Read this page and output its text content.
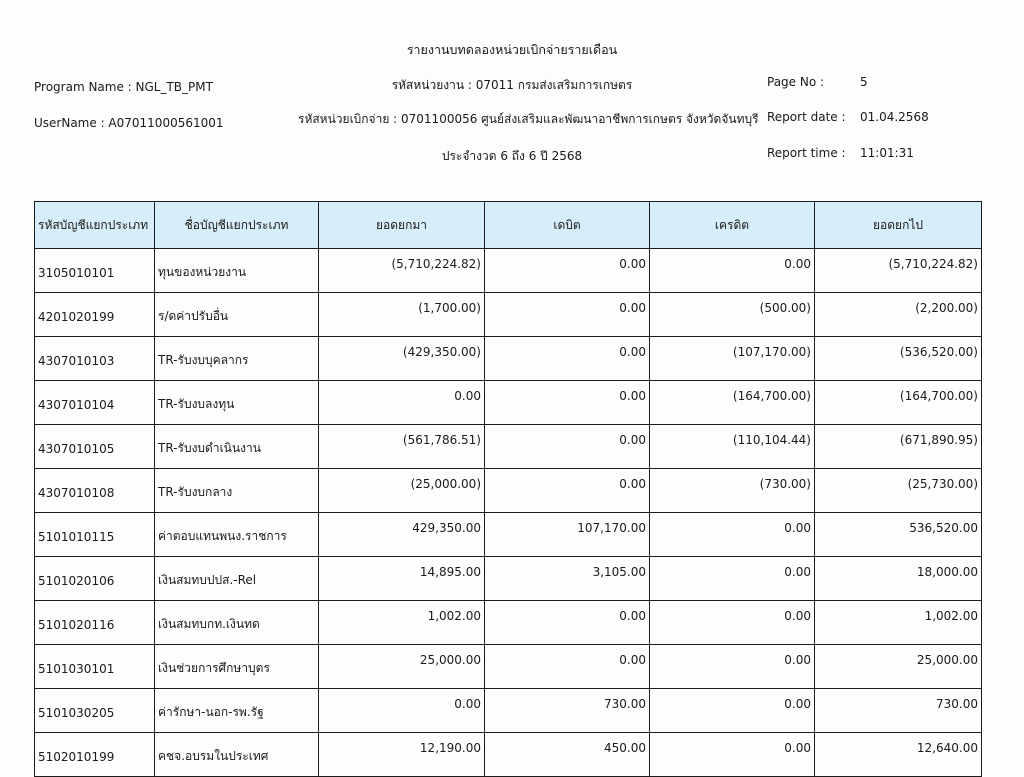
รายงานบทดลองหน่วยเบิกจ่ายรายเดือน
รหัสหน่วยงาน : 07011 กรมส่งเสริมการเกษตร
รหัสหน่วยเบิกจ่าย : 0701100056 ศูนย์ส่งเสริมและพัฒนาอาชีพการเกษตร จังหวัดจันทบุรี
ประจำงวด 6 ถึง 6 ปี 2568
Program Name : NGL_TB_PMT
UserName : A07011000561001
Page No :	5
Report date : 01.04.2568
Report time : 11:01:31
รหัสบัญชีแยกประเภท	ชื่อบัญชีแยกประเภท	ยอดยกมา	เดบิต	เครดิต	ยอดยกไป
3105010101	ทุนของหน่วยงาน	(5,710,224.82)	0.00	0.00	(5,710,224.82)
4201020199	ร/ดค่าปรับอื่น	(1,700.00)	0.00	(500.00)	(2,200.00)
4307010103	TR-รับงบบุคลากร	(429,350.00)	0.00	(107,170.00)	(536,520.00)
4307010104	TR-รับงบลงทุน	0.00	0.00	(164,700.00)	(164,700.00)
4307010105	TR-รับงบดำเนินงาน	(561,786.51)	0.00	(110,104.44)	(671,890.95)
4307010108	TR-รับงบกลาง	(25,000.00)	0.00	(730.00)	(25,730.00)
5101010115	ค่าตอบแทนพนง.ราชการ	429,350.00	107,170.00	0.00	536,520.00
5101020106	เงินสมทบปปส.-Rel	14,895.00	3,105.00	0.00	18,000.00
5101020116	เงินสมทบกท.เงินทด	1,002.00	0.00	0.00	1,002.00
5101030101	เงินช่วยการศึกษาบุตร	25,000.00	0.00	0.00	25,000.00
5101030205	ค่ารักษา-นอก-รพ.รัฐ	0.00	730.00	0.00	730.00
5102010199	คชจ.อบรมในประเทศ	12,190.00	450.00	0.00	12,640.00
